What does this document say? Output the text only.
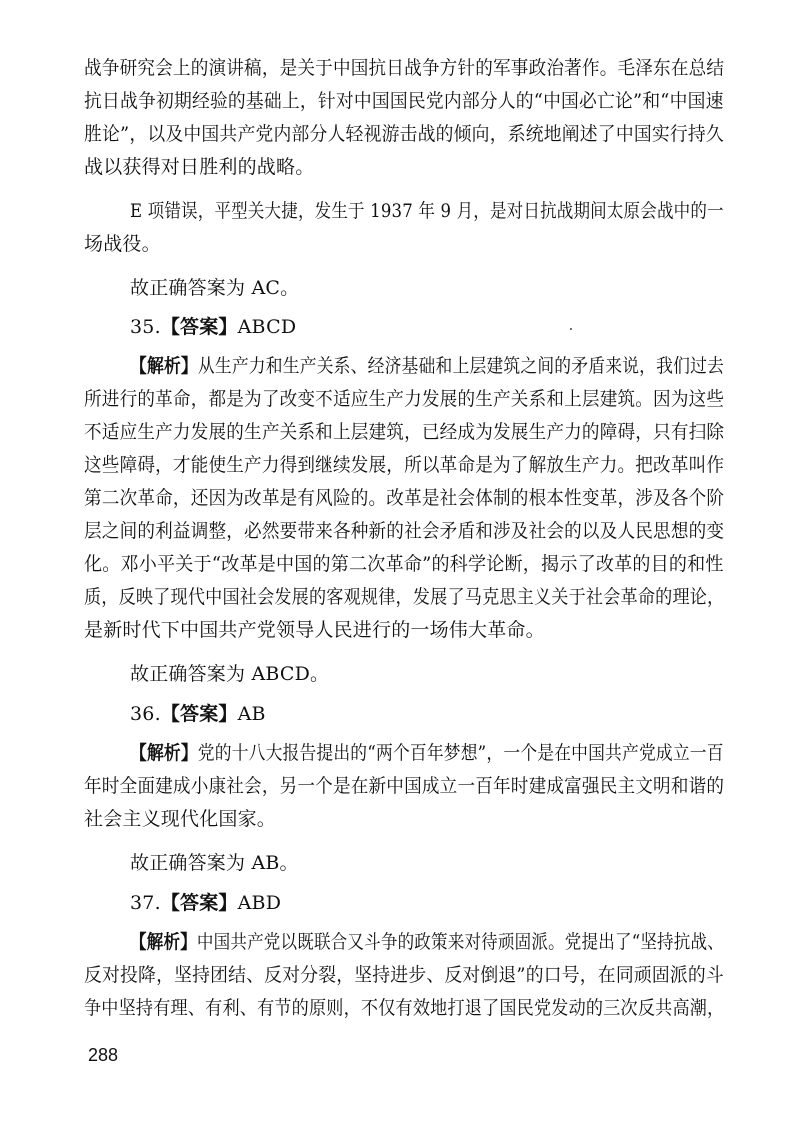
战争研究会上的演讲稿，是关于中国抗日战争方针的军事政治著作。毛泽东在总结
抗日战争初期经验的基础上，针对中国国民党内部分人的“中国必亡论”和“中国速
胜论”，以及中国共产党内部分人轻视游击战的倾向，系统地阐述了中国实行持久
战以获得对日胜利的战略。
E 项错误，平型关大捷，发生于 1937 年 9 月，是对日抗战期间太原会战中的一
场战役。
故正确答案为 AC。
35.【答案】ABCD
【解析】从生产力和生产关系、经济基础和上层建筑之间的矛盾来说，我们过去
所进行的革命，都是为了改变不适应生产力发展的生产关系和上层建筑。因为这些
不适应生产力发展的生产关系和上层建筑，已经成为发展生产力的障碍，只有扫除
这些障碍，才能使生产力得到继续发展，所以革命是为了解放生产力。把改革叫作
第二次革命，还因为改革是有风险的。改革是社会体制的根本性变革，涉及各个阶
层之间的利益调整，必然要带来各种新的社会矛盾和涉及社会的以及人民思想的变
化。邓小平关于“改革是中国的第二次革命”的科学论断，揭示了改革的目的和性
质，反映了现代中国社会发展的客观规律，发展了马克思主义关于社会革命的理论，
是新时代下中国共产党领导人民进行的一场伟大革命。
故正确答案为 ABCD。
36.【答案】AB
【解析】党的十八大报告提出的“两个百年梦想”，一个是在中国共产党成立一百
年时全面建成小康社会，另一个是在新中国成立一百年时建成富强民主文明和谐的
社会主义现代化国家。
故正确答案为 AB。
37.【答案】ABD
【解析】中国共产党以既联合又斗争的政策来对待顽固派。党提出了“坚持抗战、
反对投降，坚持团结、反对分裂，坚持进步、反对倒退”的口号，在同顽固派的斗
争中坚持有理、有利、有节的原则，不仅有效地打退了国民党发动的三次反共高潮，
288
